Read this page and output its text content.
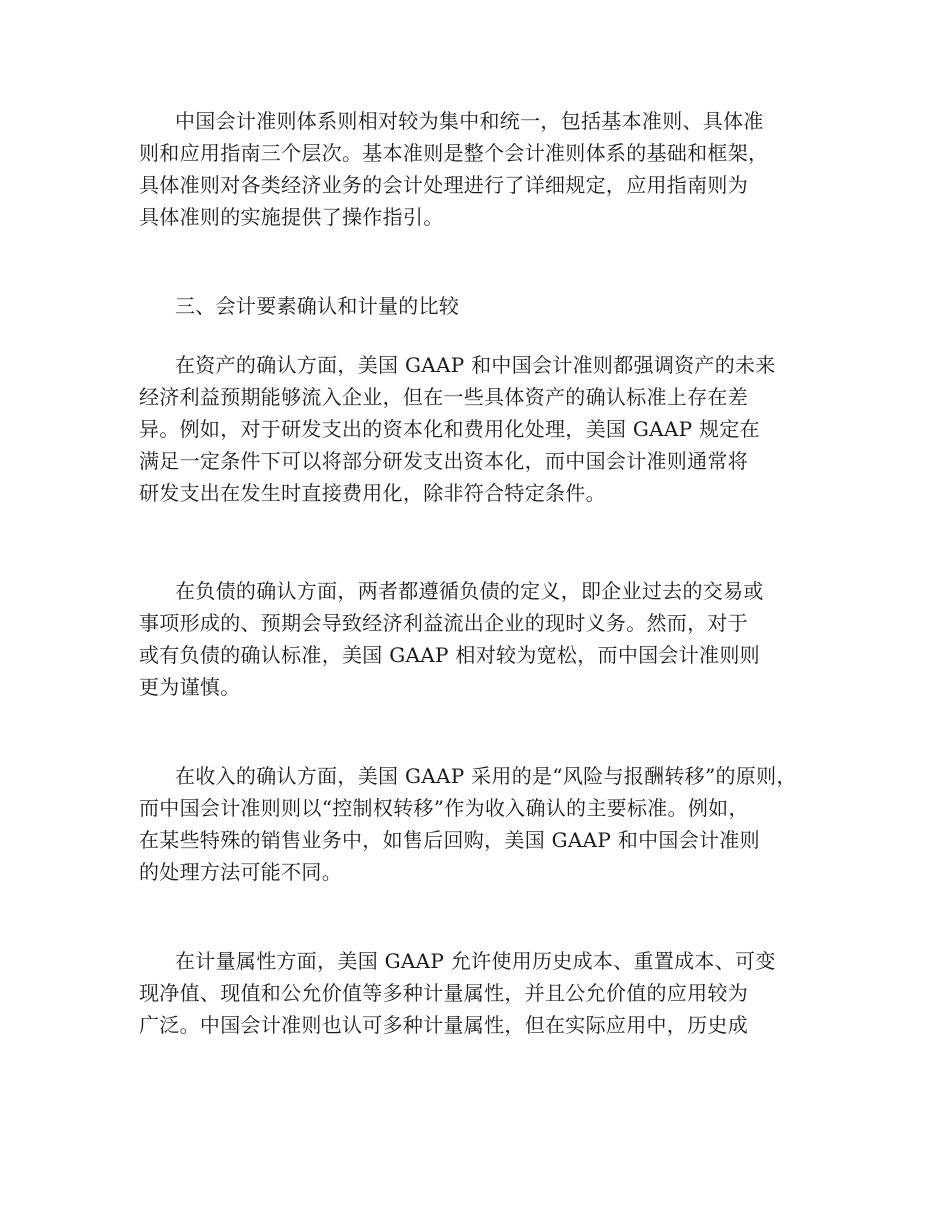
中国会计准则体系则相对较为集中和统一，包括基本准则、具体准
则和应用指南三个层次。基本准则是整个会计准则体系的基础和框架，
具体准则对各类经济业务的会计处理进行了详细规定，应用指南则为
具体准则的实施提供了操作指引。
三、会计要素确认和计量的比较
在资产的确认方面，美国 GAAP 和中国会计准则都强调资产的未来
经济利益预期能够流入企业，但在一些具体资产的确认标准上存在差
异。例如，对于研发支出的资本化和费用化处理，美国 GAAP 规定在
满足一定条件下可以将部分研发支出资本化，而中国会计准则通常将
研发支出在发生时直接费用化，除非符合特定条件。
在负债的确认方面，两者都遵循负债的定义，即企业过去的交易或
事项形成的、预期会导致经济利益流出企业的现时义务。然而，对于
或有负债的确认标准，美国 GAAP 相对较为宽松，而中国会计准则则
更为谨慎。
在收入的确认方面，美国 GAAP 采用的是“风险与报酬转移”的原则，
而中国会计准则则以“控制权转移”作为收入确认的主要标准。例如，
在某些特殊的销售业务中，如售后回购，美国 GAAP 和中国会计准则
的处理方法可能不同。
在计量属性方面，美国 GAAP 允许使用历史成本、重置成本、可变
现净值、现值和公允价值等多种计量属性，并且公允价值的应用较为
广泛。中国会计准则也认可多种计量属性，但在实际应用中，历史成
